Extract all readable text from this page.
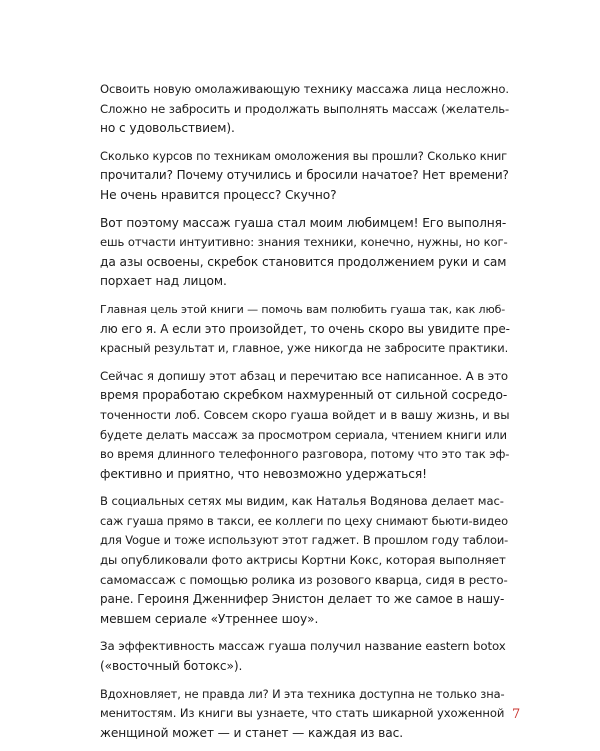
Освоить новую омолаживающую технику массажа лица несложно.
Сложно не забросить и продолжать выполнять массаж (желатель-
но с удовольствием).

Сколько курсов по техникам омоложения вы прошли? Сколько книг
прочитали? Почему отучились и бросили начатое? Нет времени?
Не очень нравится процесс? Скучно?

Вот поэтому массаж гуаша стал моим любимцем! Его выполня-
ешь отчасти интуитивно: знания техники, конечно, нужны, но ког-
да азы освоены, скребок становится продолжением руки и сам
порхает над лицом.

Главная цель этой книги — помочь вам полюбить гуаша так, как люб-
лю его я. А если это произойдет, то очень скоро вы увидите пре-
красный результат и, главное, уже никогда не забросите практики.

Сейчас я допишу этот абзац и перечитаю все написанное. А в это
время проработаю скребком нахмуренный от сильной сосредо-
точенности лоб. Совсем скоро гуаша войдет и в вашу жизнь, и вы
будете делать массаж за просмотром сериала, чтением книги или
во время длинного телефонного разговора, потому что это так эф-
фективно и приятно, что невозможно удержаться!

В социальных сетях мы видим, как Наталья Водянова делает мас-
саж гуаша прямо в такси, ее коллеги по цеху снимают бьюти-видео
для Vogue и тоже используют этот гаджет. В прошлом году таблои-
ды опубликовали фото актрисы Кортни Кокс, которая выполняет
самомассаж с помощью ролика из розового кварца, сидя в ресто-
ране. Героиня Дженнифер Энистон делает то же самое в нашу-
мевшем сериале «Утреннее шоу».

За эффективность массаж гуаша получил название eastern botox
(«восточный ботокс»).

Вдохновляет, не правда ли? И эта техника доступна не только зна-
менитостям. Из книги вы узнаете, что стать шикарной ухоженной
женщиной может — и станет — каждая из вас.

7
